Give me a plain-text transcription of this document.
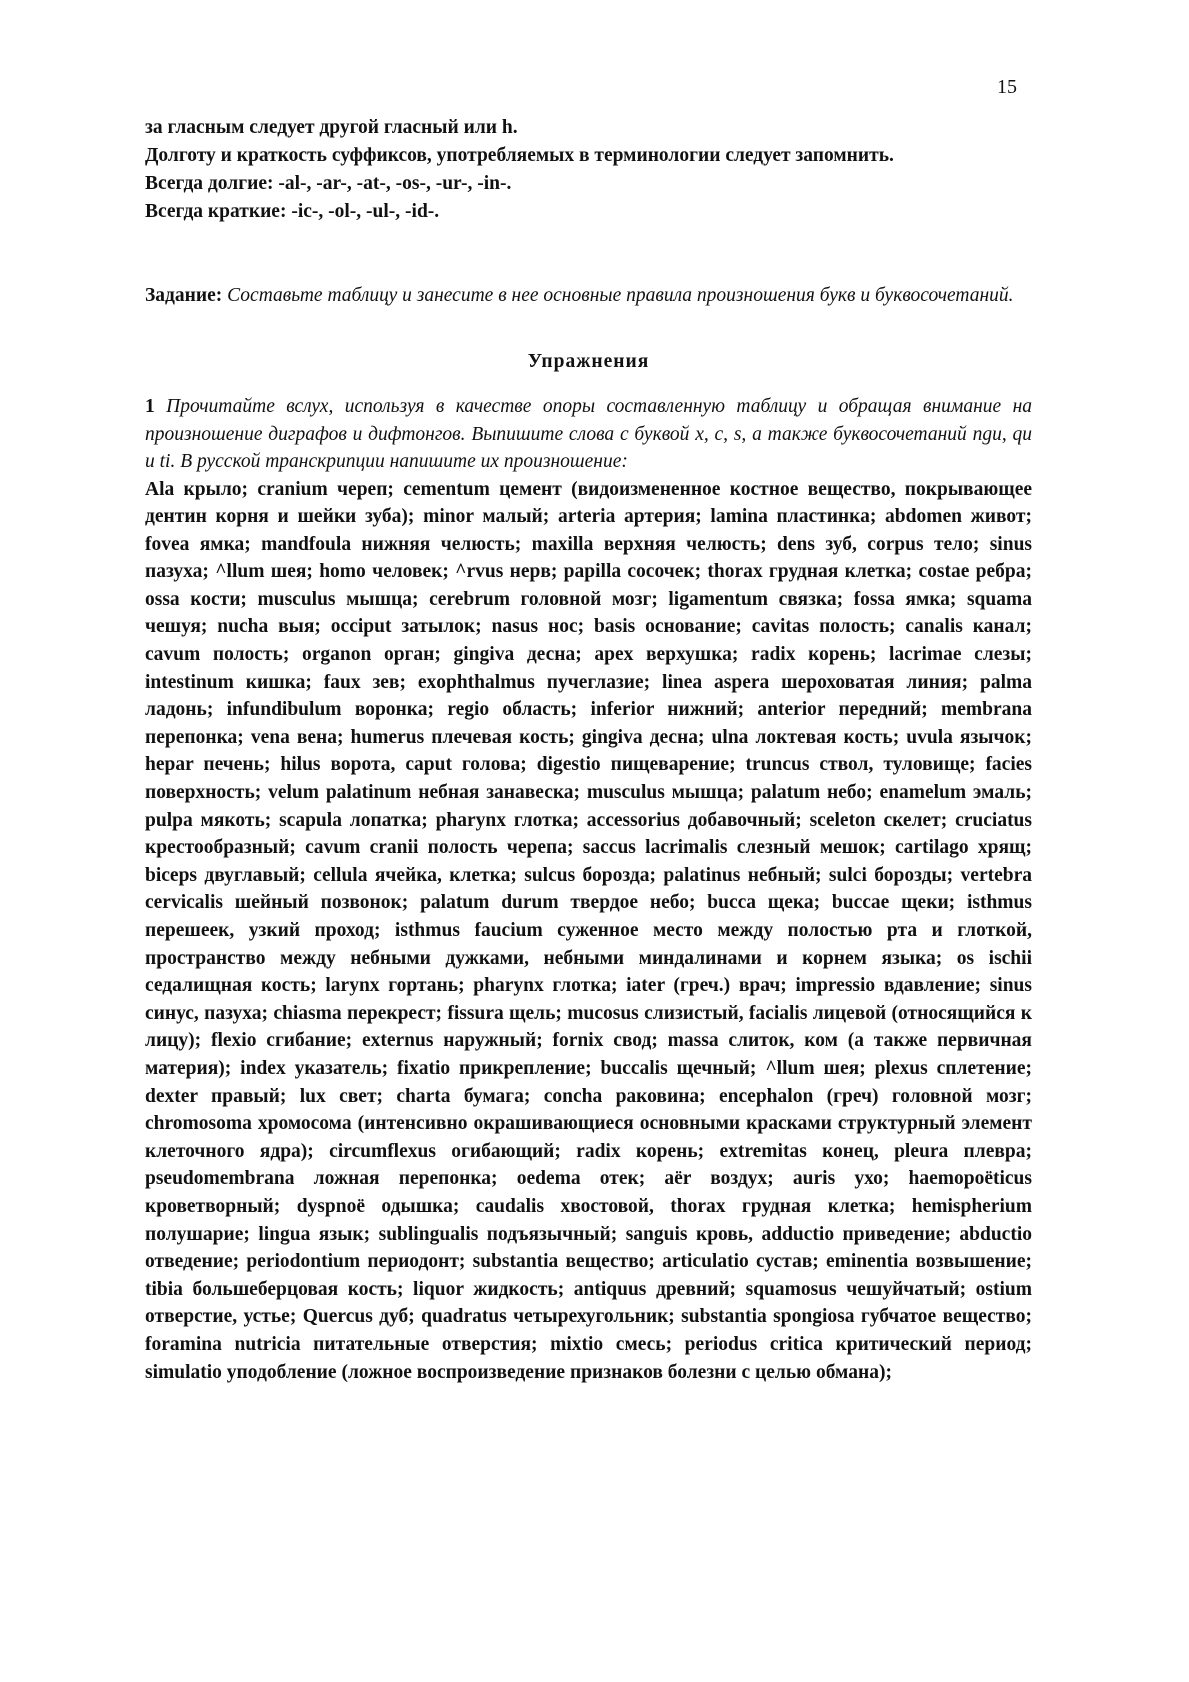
15

за гласным следует другой гласный или h.

Долготу и краткость суффиксов, употребляемых в терминологии следует запомнить.

Всегда долгие: -al-, -ar-, -at-, -os-, -ur-, -in-.

Всегда краткие: -ic-, -ol-, -ul-, -id-.

Задание: Составьте таблицу и занесите в нее основные правила произношения букв и буквосочетаний.

Упражнения

1 Прочитайте вслух, используя в качестве опоры составленную таблицу и обращая внимание на произношение диграфов и дифтонгов. Выпишите слова с буквой x, c, s, а также буквосочетаний ngu, qu и ti. В русской транскрипции напишите их произношение:

Ala крыло; cranium череп; cementum цемент (видоизмененное костное вещество, покрывающее дентин корня и шейки зуба); minor малый; arteria артерия; lamina пластинка; abdomen живот; fovea ямка; mandfoula нижняя челюсть; maxilla верхняя челюсть; dens зуб, corpus тело; sinus пазуха; ^llum шея; homo человек; ^rvus нерв; papilla сосочек; thorax грудная клетка; costae ребра; ossa кости; musculus мышца; cerebrum головной мозг; ligamentum связка; fossa ямка; squama чешуя; nucha выя; occiput затылок; nasus нос; basis основание; cavitas полость; canalis канал; cavum полость; organon орган; gingiva десна; apex верхушка; radix корень; lacrimae слезы; intestinum кишка; faux зев; exophthalmus пучеглазие; linea aspera шероховатая линия; palma ладонь; infundibulum воронка; regio область; inferior нижний; anterior передний; membrana перепонка; vena вена; humerus плечевая кость; gingiva десна; ulna локтевая кость; uvula язычок; hepar печень; hilus ворота, caput голова; digestio пищеварение; truncus ствол, туловище; facies поверхность; velum palatinum небная занавеска; musculus мышца; palatum небо; enamelum эмаль; pulpa мякоть; scapula лопатка; pharynx глотка; accessorius добавочный; sceleton скелет; cruciatus крестообразный; cavum cranii полость черепа; saccus lacrimalis слезный мешок; cartilago хрящ; biceps двуглавый; cellula ячейка, клетка; sulcus борозда; palatinus небный; sulci борозды; vertebra cervicalis шейный позвонок; palatum durum твердое небо; bucca щека; buccae щеки; isthmus перешеек, узкий проход; isthmus faucium суженное место между полостью рта и глоткой, пространство между небными дужками, небными миндалинами и корнем языка; os ischii седалищная кость; larynx гортань; pharynx глотка; iater (греч.) врач; impressio вдавление; sinus синус, пазуха; chiasma перекрест; fissura щель; mucosus слизистый, facialis лицевой (относящийся к лицу); flexio сгибание; externus наружный; fornix свод; massa слиток, ком (а также первичная материя); index указатель; fixatio прикрепление; buccalis щечный; ^llum шея; plexus сплетение; dexter правый; lux свет; charta бумага; concha раковина; encephalon (греч) головной мозг; chromosoma хромосома (интенсивно окрашивающиеся основными красками структурный элемент клеточного ядра); circumflexus огибающий; radix корень; extremitas конец, pleura плевра; pseudomembrana ложная перепонка; oedema отек; aёr воздух; auris ухо; haemopoёticus кроветворный; dyspnoё одышка; caudalis хвостовой, thorax грудная клетка; hemispherium полушарие; lingua язык; sublingualis подъязычный; sanguis кровь, adductio приведение; abductio отведение; periodontium периодонт; substantia вещество; articulatio сустав; eminentia возвышение; tibia большеберцовая кость; liquor жидкость; antiquus древний; squamosus чешуйчатый; ostium отверстие, устье; Quercus дуб; quadratus четырехугольник; substantia spongiosa губчатое вещество; foramina nutricia питательные отверстия; mixtio смесь; periodus critica критический период; simulatio уподобление (ложное воспроизведение признаков болезни с целью обмана);
